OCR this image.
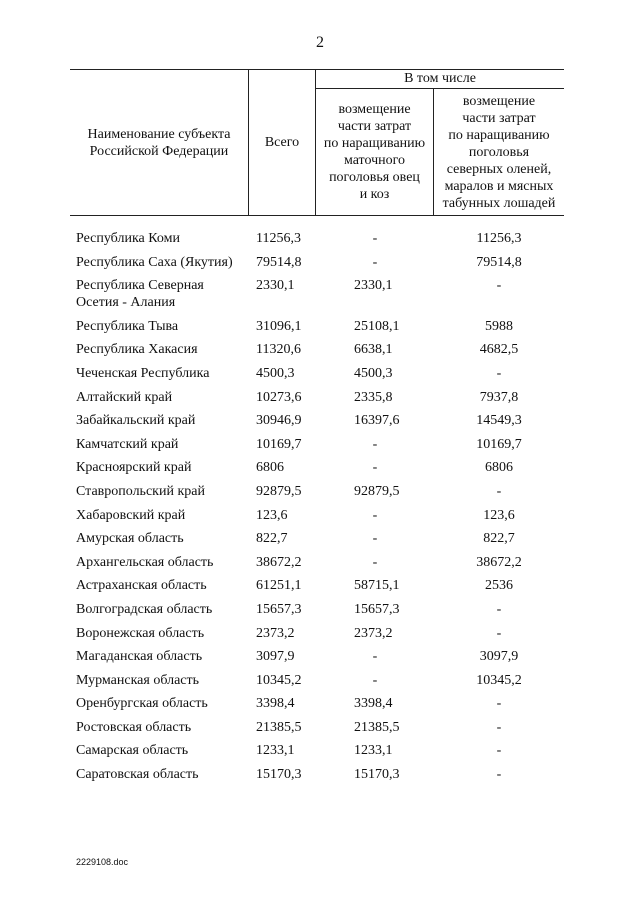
2
Наименование субъекта
Российской Федерации
Всего
В том числе
возмещение
части затрат
по наращиванию
маточного
поголовья овец
и коз
возмещение
части затрат
по наращиванию
поголовья
северных оленей,
маралов и мясных
табунных лошадей
Республика Коми	11256,3	-	11256,3
Республика Саха (Якутия) 79514,8	-	79514,8
Республика Северная
Осетия - Алания
2330,1	2330,1	-
Республика Тыва	31096,1	25108,1	5988
Республика Хакасия	11320,6	6638,1	4682,5
Чеченская Республика	4500,3	4500,3	-
Алтайский край	10273,6	2335,8	7937,8
Забайкальский край	30946,9	16397,6	14549,3
Камчатский край	10169,7	-	10169,7
Красноярский край	6806	-	6806
Ставропольский край	92879,5	92879,5	-
Хабаровский край	123,6	-	123,6
Амурская область	822,7	-	822,7
Архангельская область	38672,2	-	38672,2
Астраханская область	61251,1	58715,1	2536
Волгоградская область	15657,3	15657,3	-
Воронежская область	2373,2	2373,2	-
Магаданская область	3097,9	-	3097,9
Мурманская область	10345,2	-	10345,2
Оренбургская область	3398,4	3398,4	-
Ростовская область	21385,5	21385,5	-
Самарская область	1233,1	1233,1	-
Саратовская область	15170,3	15170,3	-
2229108.doc
